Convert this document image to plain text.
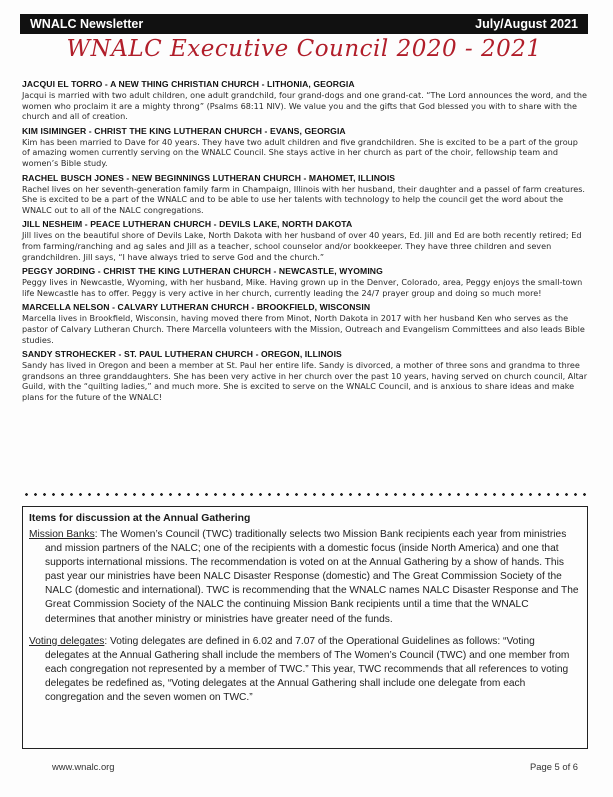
WNALC Newsletter	July/August 2021
WNALC Executive Council 2020 - 2021
JACQUI EL TORRO - A NEW THING CHRISTIAN CHURCH - LITHONIA, GEORGIA
Jacqui is married with two adult children, one adult grandchild, four grand-dogs and one grand-cat. “The Lord announces the word, and the women who proclaim it are a mighty throng” (Psalms 68:11 NIV). We value you and the gifts that God blessed you with to share with the church and all of creation.
KIM ISIMINGER - CHRIST THE KING LUTHERAN CHURCH - EVANS, GEORGIA
Kim has been married to Dave for 40 years. They have two adult children and five grandchildren. She is excited to be a part of the group of amazing women currently serving on the WNALC Council. She stays active in her church as part of the choir, fellowship team and women’s Bible study.
RACHEL BUSCH JONES - NEW BEGINNINGS LUTHERAN CHURCH - MAHOMET, ILLINOIS
Rachel lives on her seventh-generation family farm in Champaign, Illinois with her husband, their daughter and a passel of farm creatures. She is excited to be a part of the WNALC and to be able to use her talents with technology to help the council get the word about the WNALC out to all of the NALC congregations.
JILL NESHEIM - PEACE LUTHERAN CHURCH - DEVILS LAKE, NORTH DAKOTA
Jill lives on the beautiful shore of Devils Lake, North Dakota with her husband of over 40 years, Ed. Jill and Ed are both recently retired; Ed from farming/ranching and ag sales and Jill as a teacher, school counselor and/or bookkeeper. They have three children and seven grandchildren. Jill says, “I have always tried to serve God and the church.”
PEGGY JORDING - CHRIST THE KING LUTHERAN CHURCH - NEWCASTLE, WYOMING
Peggy lives in Newcastle, Wyoming, with her husband, Mike. Having grown up in the Denver, Colorado, area, Peggy enjoys the small-town life Newcastle has to offer. Peggy is very active in her church, currently leading the 24/7 prayer group and doing so much more!
MARCELLA NELSON - CALVARY LUTHERAN CHURCH - BROOKFIELD, WISCONSIN
Marcella lives in Brookfield, Wisconsin, having moved there from Minot, North Dakota in 2017 with her husband Ken who serves as the pastor of Calvary Lutheran Church. There Marcella volunteers with the Mission, Outreach and Evangelism Committees and also leads Bible studies.
SANDY STROHECKER - ST. PAUL LUTHERAN CHURCH - OREGON, ILLINOIS
Sandy has lived in Oregon and been a member at St. Paul her entire life. Sandy is divorced, a mother of three sons and grandma to three grandsons an three granddaughters. She has been very active in her church over the past 10 years, having served on church council, Altar Guild, with the “quilting ladies,” and much more. She is excited to serve on the WNALC Council, and is anxious to share ideas and make plans for the future of the WNALC!
Items for discussion at the Annual Gathering
Mission Banks: The Women’s Council (TWC) traditionally selects two Mission Bank recipients each year from ministries and mission partners of the NALC; one of the recipients with a domestic focus (inside North America) and one that supports international missions. The recommendation is voted on at the Annual Gathering by a show of hands. This past year our ministries have been NALC Disaster Response (domestic) and The Great Commission Society of the NALC (domestic and international). TWC is recommending that the WNALC names NALC Disaster Response and The Great Commission Society of the NALC the continuing Mission Bank recipients until a time that the WNALC determines that another ministry or ministries have greater need of the funds.
Voting delegates: Voting delegates are defined in 6.02 and 7.07 of the Operational Guidelines as follows: “Voting delegates at the Annual Gathering shall include the members of The Women’s Council (TWC) and one member from each congregation not represented by a member of TWC.” This year, TWC recommends that all references to voting delegates be redefined as, “Voting delegates at the Annual Gathering shall include one delegate from each congregation and the seven women on TWC.”
www.wnalc.org	Page 5 of 6
